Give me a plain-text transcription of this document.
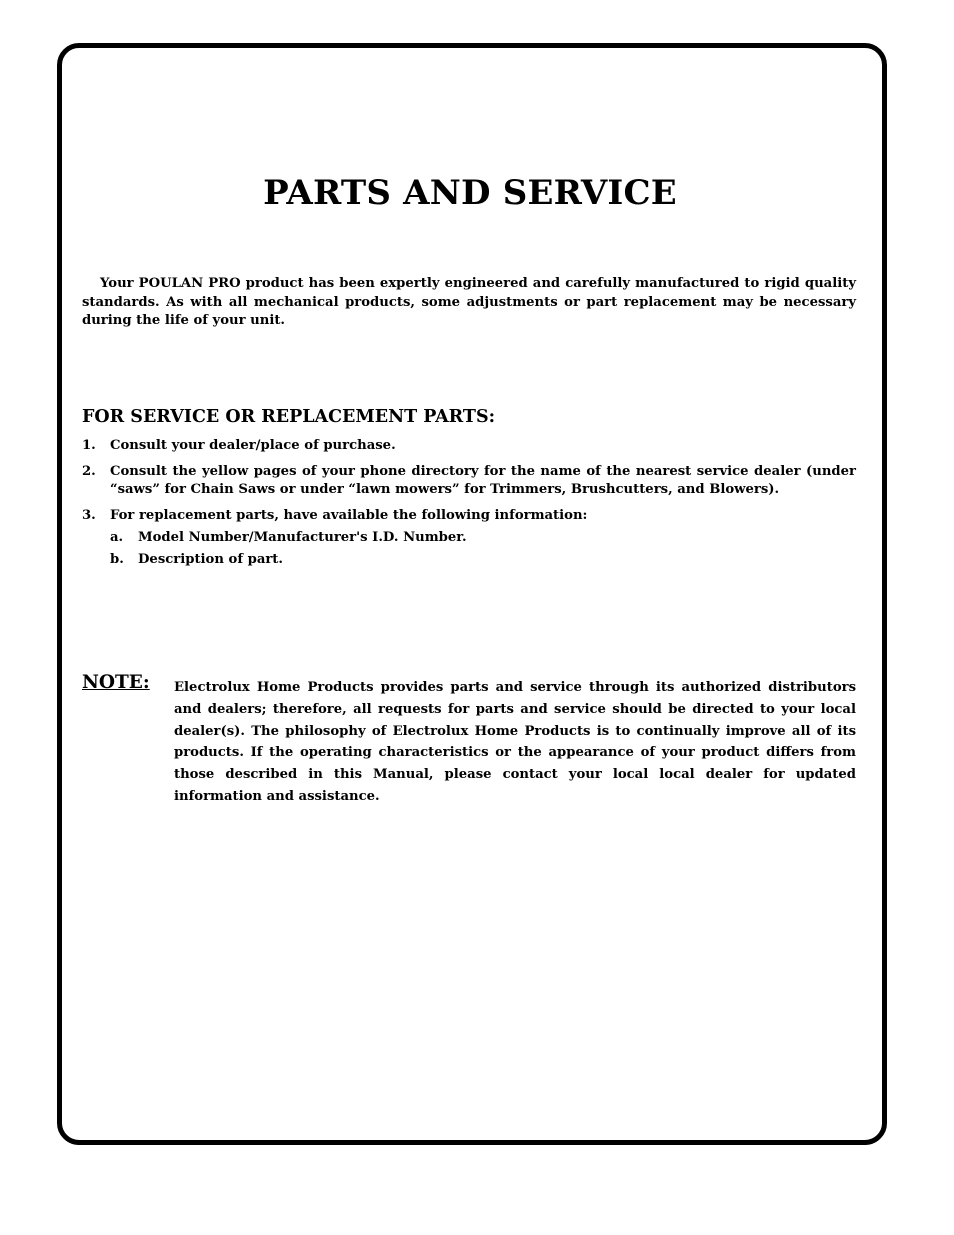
PARTS AND SERVICE

Your POULAN PRO product has been expertly engineered and carefully manufactured to rigid quality standards. As with all mechanical products, some adjustments or part replacement may be necessary during the life of your unit.

FOR SERVICE OR REPLACEMENT PARTS:
1. Consult your dealer/place of purchase.
2. Consult the yellow pages of your phone directory for the name of the nearest service dealer (under “saws” for Chain Saws or under “lawn mowers” for Trimmers, Brushcutters, and Blowers).
3. For replacement parts, have available the following information:
a. Model Number/Manufacturer's I.D. Number.
b. Description of part.
NOTE: Electrolux Home Products provides parts and service through its authorized distributors and dealers; therefore, all requests for parts and service should be directed to your local dealer(s). The philosophy of Electrolux Home Products is to continually improve all of its products. If the operating characteristics or the appearance of your product differs from those described in this Manual, please contact your local local dealer for updated information and assistance.
